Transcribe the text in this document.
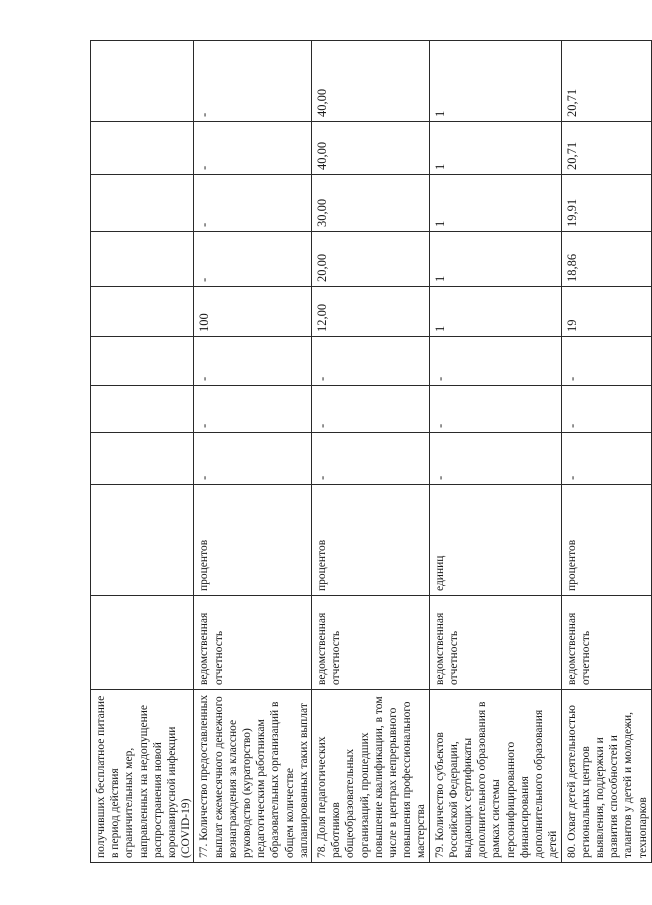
получивших бесплатное питание в период действия ограничительных мер, направленных на недопущение распространения новой коронавирусной инфекции (COVID-19)										
77. Количество предоставленных выплат ежемесячного денежного вознаграждения за классное руководство (кураторство) педагогическим работникам образовательных организаций в общем количестве запланированных таких выплат	ведомственная отчетность	процентов	-	-	-	100	-	-	-	-
78. Доля педагогических работников общеобразовательных организаций, прошедших повышение квалификации, в том числе в центрах непрерывного повышения профессионального мастерства	ведомственная отчетность	процентов	-	-	-	12,00	20,00	30,00	40,00	40,00
79. Количество субъектов Российской Федерации, выдающих сертификаты дополнительного образования в рамках системы персонифицированного финансирования дополнительного образования детей	ведомственная отчетность	единиц	-	-	-	1	1	1	1	1
80. Охват детей деятельностью региональных центров выявления, поддержки и развития способностей и талантов у детей и молодежи, технопарков	ведомственная отчетность	процентов	-	-	-	19	18,86	19,91	20,71	20,71
